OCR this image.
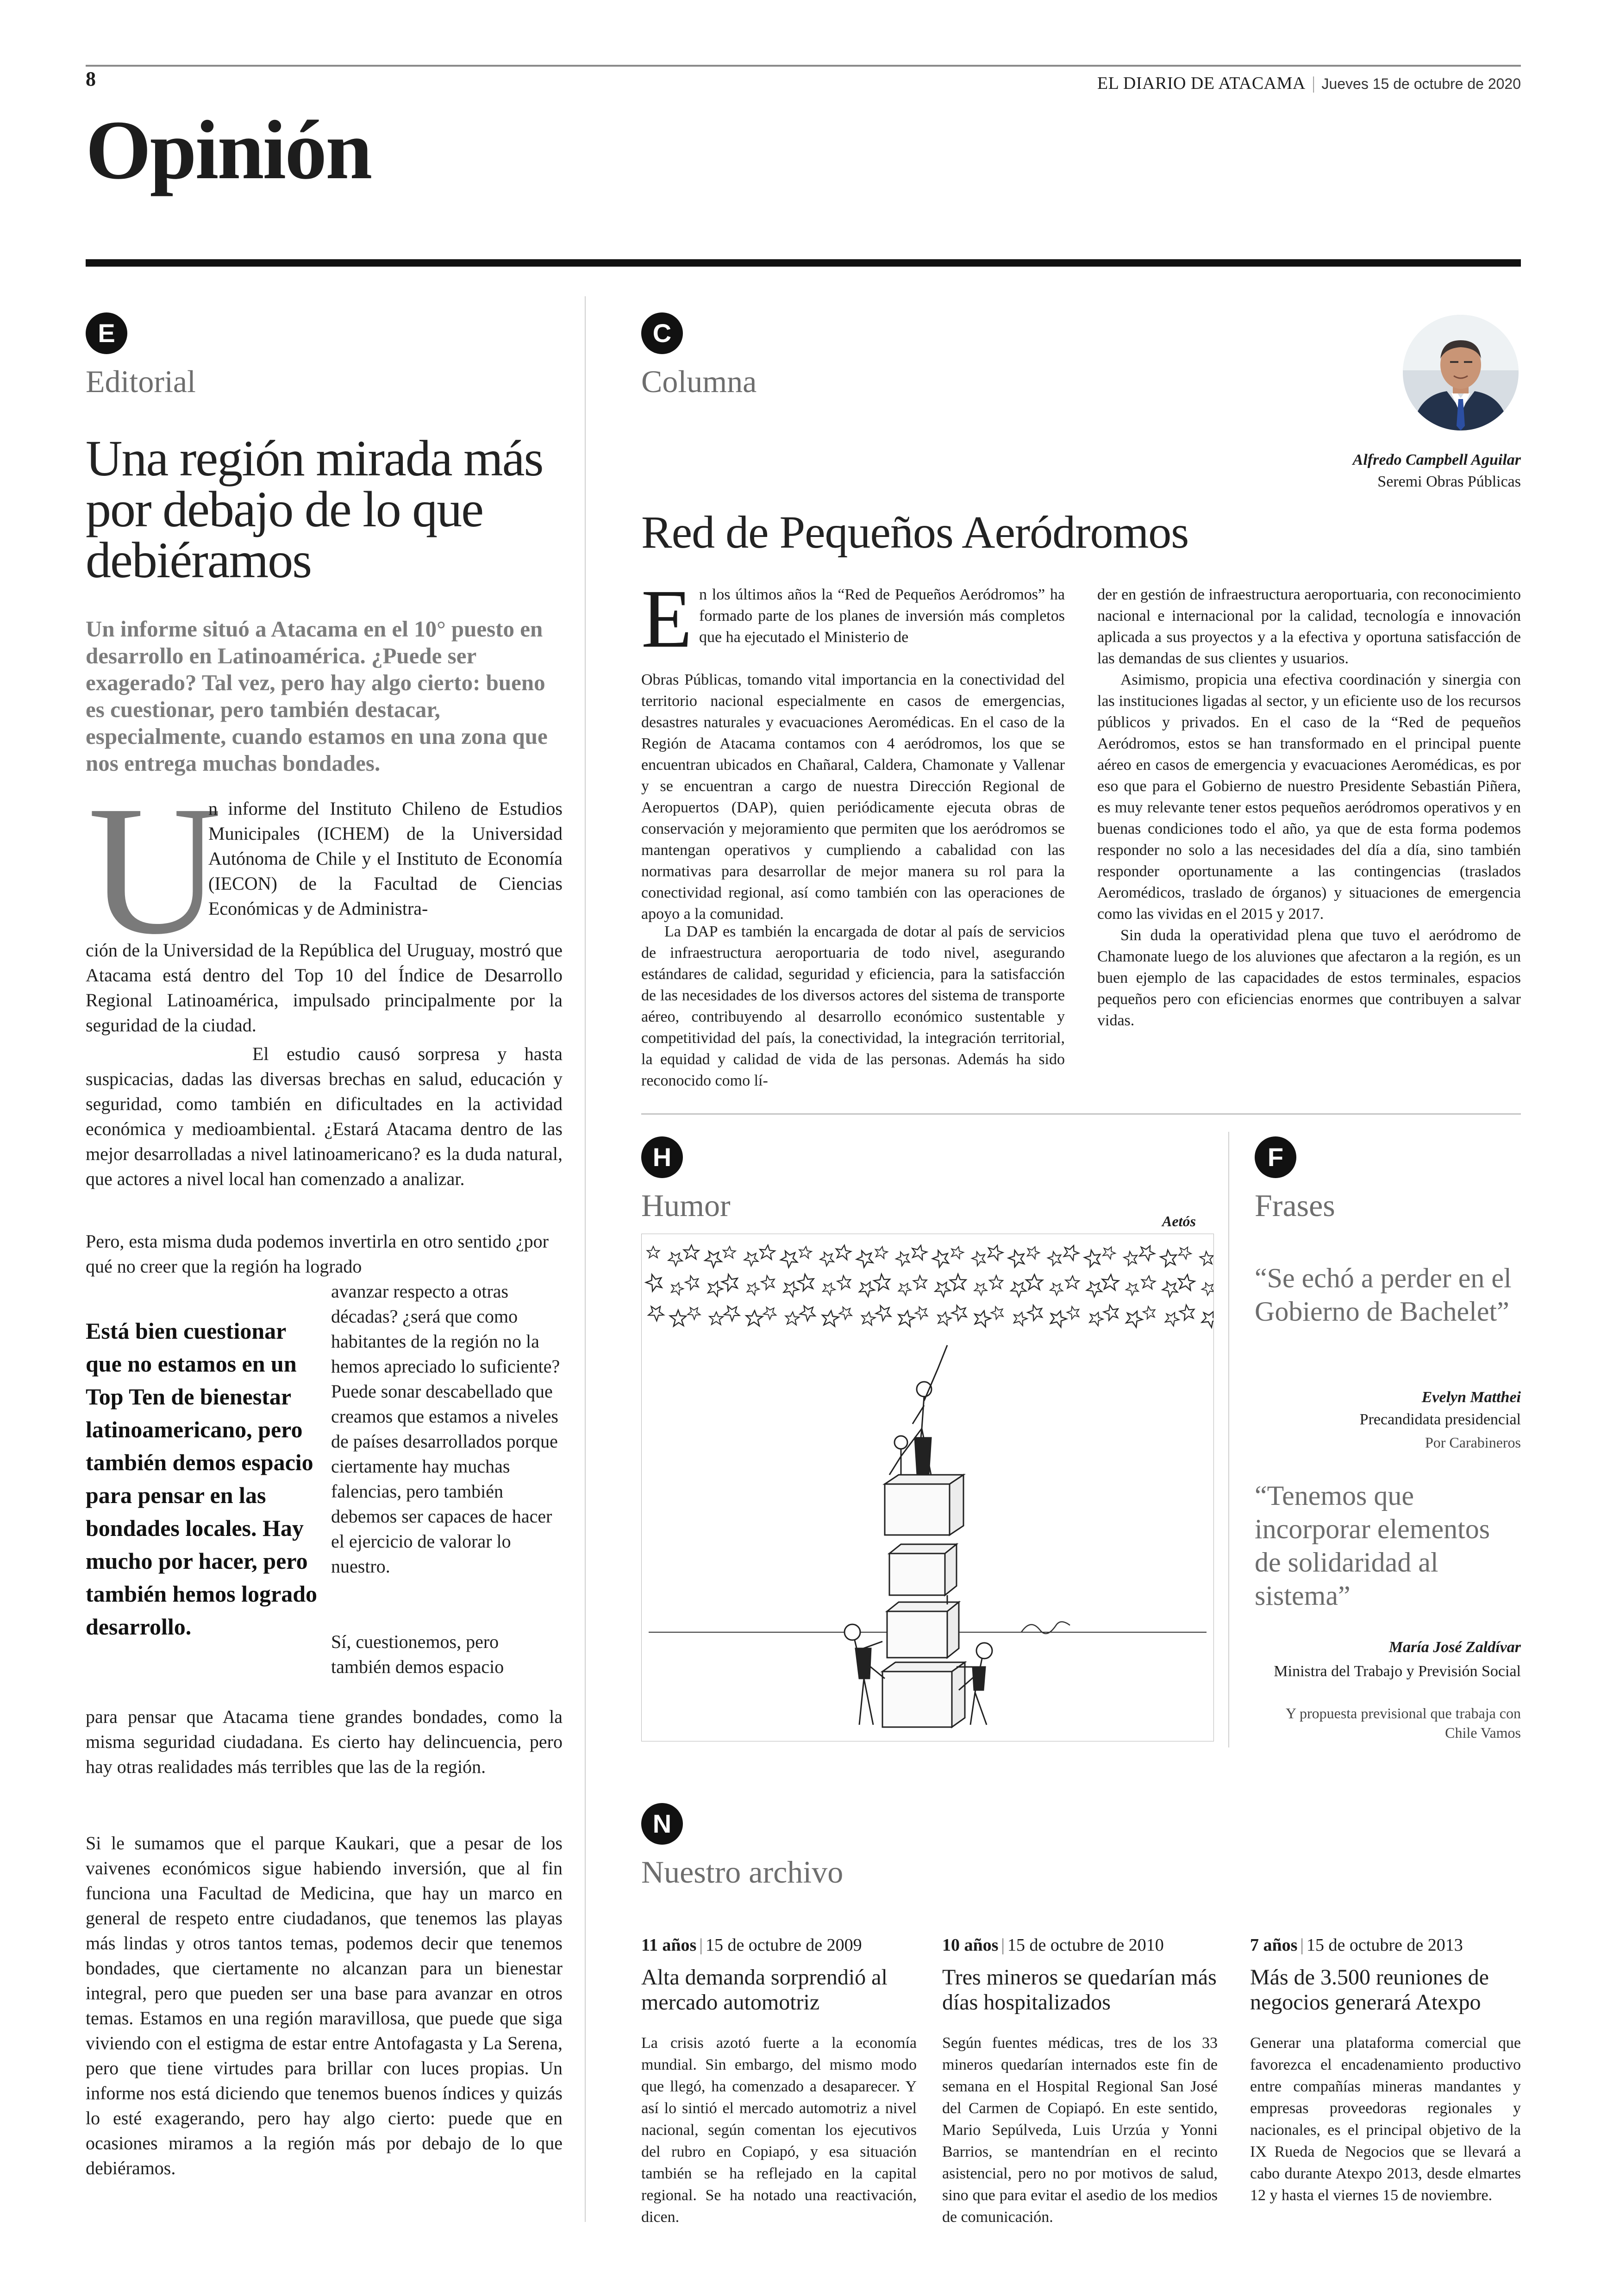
8	EL DIARIO DE ATACAMA | Jueves 15 de octubre de 2020
Opinión
E
Editorial
Una región mirada más por debajo de lo que debiéramos
Un informe situó a Atacama en el 10° puesto en desarrollo en Latinoamérica. ¿Puede ser exagerado? Tal vez, pero hay algo cierto: bueno es cuestionar, pero también destacar, especialmente, cuando estamos en una zona que nos entrega muchas bondades.
U

n informe del Instituto Chileno de Estudios Municipales (ICHEM) de la Universidad Autónoma de Chile y el Instituto de Economía (IECON) de la Facultad de Ciencias Económicas y de Administra-

ción de la Universidad de la República del Uruguay, mostró que Atacama está dentro del Top 10 del Índice de Desarrollo Regional Latinoamérica, impulsado principalmente por la seguridad de la ciudad.

El estudio causó sorpresa y hasta suspicacias, dadas las diversas brechas en salud, educación y seguridad, como también en dificultades en la actividad económica y medioambiental. ¿Estará Atacama dentro de las mejor desarrolladas a nivel latinoamericano? es la duda natural, que actores a nivel local han comenzado a analizar.

Pero, esta misma duda podemos invertirla en otro sentido ¿por qué no creer que la región ha logrado

avanzar respecto a otras décadas? ¿será que como habitantes de la región no la hemos apreciado lo suficiente? Puede sonar descabellado que creamos que estamos a niveles de países desarrollados porque ciertamente hay muchas falencias, pero también debemos ser capaces de hacer el ejercicio de valorar lo nuestro.

Está bien cuestionar que no estamos en un Top Ten de bienestar latinoamericano, pero también demos espacio para pensar en las bondades locales. Hay mucho por hacer, pero también hemos logrado desarrollo.

Sí, cuestionemos, pero también demos espacio

para pensar que Atacama tiene grandes bondades, como la misma seguridad ciudadana. Es cierto hay delincuencia, pero hay otras realidades más terribles que las de la región.

Si le sumamos que el parque Kaukari, que a pesar de los vaivenes económicos sigue habiendo inversión, que al fin funciona una Facultad de Medicina, que hay un marco en general de respeto entre ciudadanos, que tenemos las playas más lindas y otros tantos temas, podemos decir que tenemos bondades, que ciertamente no alcanzan para un bienestar integral, pero que pueden ser una base para avanzar en otros temas. Estamos en una región maravillosa, que puede que siga viviendo con el estigma de estar entre Antofagasta y La Serena, pero que tiene virtudes para brillar con luces propias. Un informe nos está diciendo que tenemos buenos índices y quizás lo esté exagerando, pero hay algo cierto: puede que en ocasiones miramos a la región más por debajo de lo que debiéramos.

C
Columna
Alfredo Campbell Aguilar
Seremi Obras Públicas
Red de Pequeños Aeródromos
E n los últimos años la “Red de Pequeños Aeródromos” ha formado parte de los planes de inversión más completos que ha ejecutado el Ministerio de

Obras Públicas, tomando vital importancia en la conectividad del territorio nacional especialmente en casos de emergencias, desastres naturales y evacuaciones Aeromédicas. En el caso de la Región de Atacama contamos con 4 aeródromos, los que se encuentran ubicados en Chañaral, Caldera, Chamonate y Vallenar y se encuentran a cargo de nuestra Dirección Regional de Aeropuertos (DAP), quien periódicamente ejecuta obras de conservación y mejoramiento que permiten que los aeródromos se mantengan operativos y cumpliendo a cabalidad con las normativas para desarrollar de mejor manera su rol para la conectividad regional, así como también con las operaciones de apoyo a la comunidad.

La DAP es también la encargada de dotar al país de servicios de infraestructura aeroportuaria de todo nivel, asegurando estándares de calidad, seguridad y eficiencia, para la satisfacción de las necesidades de los diversos actores del sistema de transporte aéreo, contribuyendo al desarrollo económico sustentable y competitividad del país, la conectividad, la integración territorial, la equidad y calidad de vida de las personas. Además ha sido reconocido como lí-

der en gestión de infraestructura aeroportuaria, con reconocimiento nacional e internacional por la calidad, tecnología e innovación aplicada a sus proyectos y a la efectiva y oportuna satisfacción de las demandas de sus clientes y usuarios.

Asimismo, propicia una efectiva coordinación y sinergia con las instituciones ligadas al sector, y un eficiente uso de los recursos públicos y privados. En el caso de la “Red de pequeños Aeródromos, estos se han transformado en el principal puente aéreo en casos de emergencia y evacuaciones Aeromédicas, es por eso que para el Gobierno de nuestro Presidente Sebastián Piñera, es muy relevante tener estos pequeños aeródromos operativos y en buenas condiciones todo el año, ya que de esta forma podemos responder no solo a las necesidades del día a día, sino también responder oportunamente a las contingencias (traslados Aeromédicos, traslado de órganos) y situaciones de emergencia como las vividas en el 2015 y 2017.

Sin duda la operatividad plena que tuvo el aeródromo de Chamonate luego de los aluviones que afectaron a la región, es un buen ejemplo de las capacidades de estos terminales, espacios pequeños pero con eficiencias enormes que contribuyen a salvar vidas.

H
Humor	Aetós
F
Frases
“Se echó a perder en el Gobierno de Bachelet”
Evelyn Matthei
Precandidata presidencial
Por Carabineros
“Tenemos que incorporar elementos de solidaridad al sistema”
María José Zaldívar
Ministra del Trabajo y Previsión Social
Y propuesta previsional que trabaja con Chile Vamos
N
Nuestro archivo
11 años | 15 de octubre de 2009
Alta demanda sorprendió al mercado automotriz
La crisis azotó fuerte a la economía mundial. Sin embargo, del mismo modo que llegó, ha comenzado a desaparecer. Y así lo sintió el mercado automotriz a nivel nacional, según comentan los ejecutivos del rubro en Copiapó, y esa situación también se ha reflejado en la capital regional. Se ha notado una reactivación, dicen.
10 años | 15 de octubre de 2010
Tres mineros se quedarían más días hospitalizados
Según fuentes médicas, tres de los 33 mineros quedarían internados este fin de semana en el Hospital Regional San José del Carmen de Copiapó. En este sentido, Mario Sepúlveda, Luis Urzúa y Yonni Barrios, se mantendrían en el recinto asistencial, pero no por motivos de salud, sino que para evitar el asedio de los medios de comunicación.
7 años | 15 de octubre de 2013
Más de 3.500 reuniones de negocios generará Atexpo
Generar una plataforma comercial que favorezca el encadenamiento productivo entre compañías mineras mandantes y empresas proveedoras regionales y nacionales, es el principal objetivo de la IX Rueda de Negocios que se llevará a cabo durante Atexpo 2013, desde elmartes 12 y hasta el viernes 15 de noviembre.
